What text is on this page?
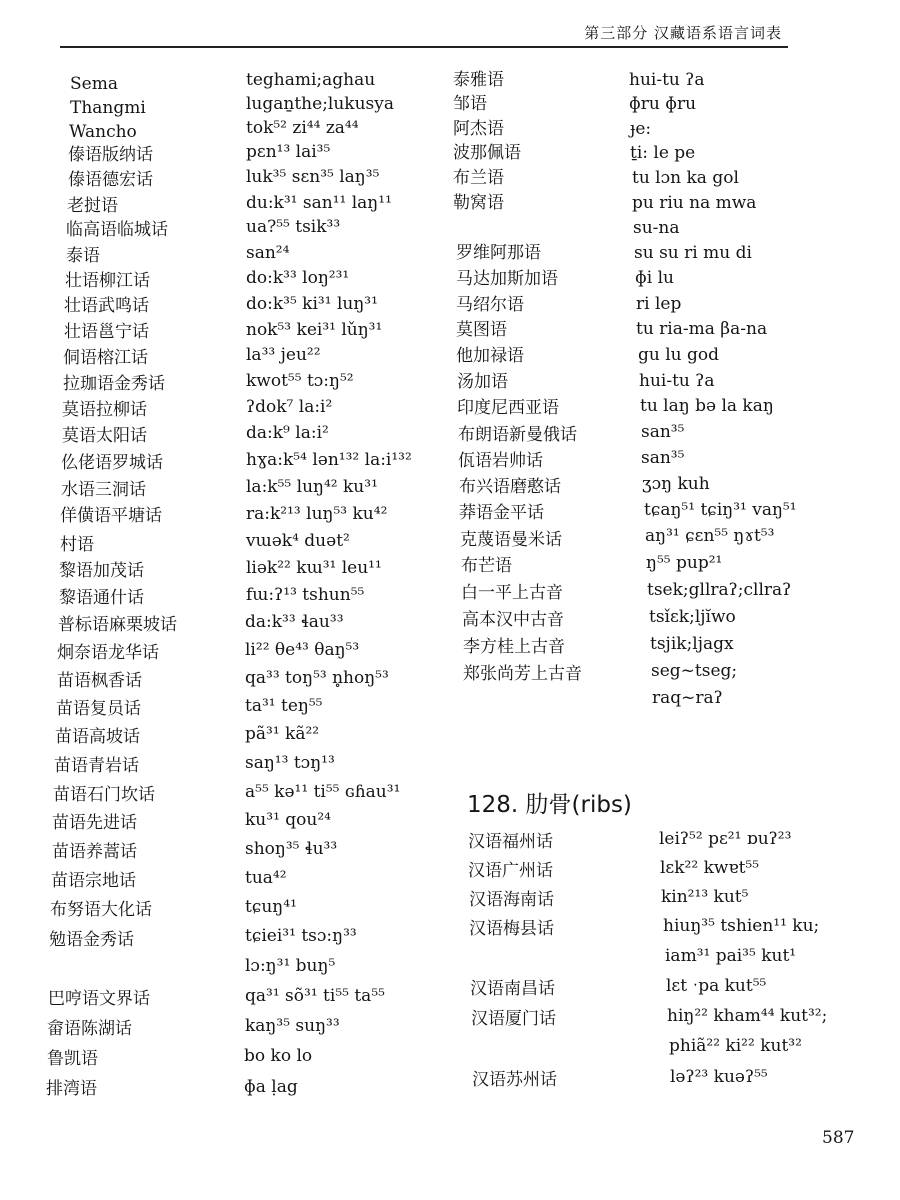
第三部分 汉藏语系语言词表
Sema
Thangmi
Wancho
傣语版纳话
傣语德宏话
老挝语
临高语临城话
泰语
壮语柳江话
壮语武鸣话
壮语邕宁话
侗语榕江话
拉珈语金秀话
莫语拉柳话
莫语太阳话
仫佬语罗城话
水语三洞话
佯僙语平塘话
村语
黎语加茂话
黎语通什话
普标语麻栗坡话
炯奈语龙华话
苗语枫香话
苗语复员话
苗语高坡话
苗语青岩话
苗语石门坎话
苗语先进话
苗语养蒿话
苗语宗地话
布努语大化话
勉语金秀话
巴哼语文界话
畲语陈湖话
鲁凯语
排湾语
teghami;aghau
lugaṉthe;lukusya
tok⁵² zi⁴⁴ za⁴⁴
pɛn¹³ lai³⁵
luk³⁵ sɛn³⁵ laŋ³⁵
du:k³¹ san¹¹ laŋ¹¹
ua?⁵⁵ tsik³³
san²⁴
do:k³³ loŋ²³¹
do:k³⁵ ki³¹ luŋ³¹
nok⁵³ kei³¹ lǔŋ³¹
la³³ jeu²²
kwot⁵⁵ tɔ:ŋ⁵²
ʔdok⁷ la:i²
da:k⁹ la:i²
hɣa:k⁵⁴ lən¹³² la:i¹³²
la:k⁵⁵ luŋ⁴² ku³¹
ra:k²¹³ luŋ⁵³ ku⁴²
vɯək⁴ duət²
liək²² kɯ³¹ leu¹¹
fɯ:ʔ¹³ tshun⁵⁵
da:k³³ ɬau³³
li²² θe⁴³ θaŋ⁵³
qa³³ toŋ⁵³ n̥hoŋ⁵³
ta³¹ teŋ⁵⁵
pã³¹ kã²²
saŋ¹³ tɔŋ¹³
a⁵⁵ kə¹¹ ti⁵⁵ ɢɦau³¹
ku³¹ qou²⁴
shoŋ³⁵ ɬu³³
tua⁴²
tɕuŋ⁴¹
tɕiei³¹ tsɔ:ŋ³³
lɔ:ŋ³¹ buŋ⁵
qa³¹ sõ³¹ ti⁵⁵ ta⁵⁵
kaŋ³⁵ suŋ³³
bo ko lo
ɸa ḷag
泰雅语
邹语
阿杰语
波那佩语
布兰语
勒窝语
罗维阿那语
马达加斯加语
马绍尔语
莫图语
他加禄语
汤加语
印度尼西亚语
布朗语新曼俄话
佤语岩帅话
布兴语磨憨话
莽语金平话
克蔑语曼米话
布芒语
白一平上古音
高本汉中古音
李方桂上古音
郑张尚芳上古音
hui-tu ʔa
ɸru ɸru
ɟe:
ṯi: le pe
tu lɔn ka gol
pu riu na mwa
su-na
su su ri mu di
ɸi lu
ri lep
tu ria-ma βa-na
gu lu god
hui-tu ʔa
tu laŋ bə la kaŋ
san³⁵
san³⁵
ʒɔŋ kuh
tɕaŋ⁵¹ tɕiŋ³¹ vaŋ⁵¹
aŋ³¹ ɕɛn⁵⁵ ŋɤt⁵³
ŋ⁵⁵ pup²¹
tsek;gllraʔ;cllraʔ
tsǐɛk;ljĭwo
tsjik;ljagx
seg~tseg;
raq~raʔ
128. 肋骨(ribs)
汉语福州话
汉语广州话
汉语海南话
汉语梅县话
汉语南昌话
汉语厦门话
汉语苏州话
leiʔ⁵² pɛ²¹ ɒuʔ²³
lɛk²² kwɐt⁵⁵
kin²¹³ kut⁵
hiuŋ³⁵ tshien¹¹ ku;
iam³¹ pai³⁵ kut¹
lɛt ˑpa kut⁵⁵
hiŋ²² kham⁴⁴ kut³²;
phiã²² ki²² kut³²
ləʔ²³ kuəʔ⁵⁵
587
